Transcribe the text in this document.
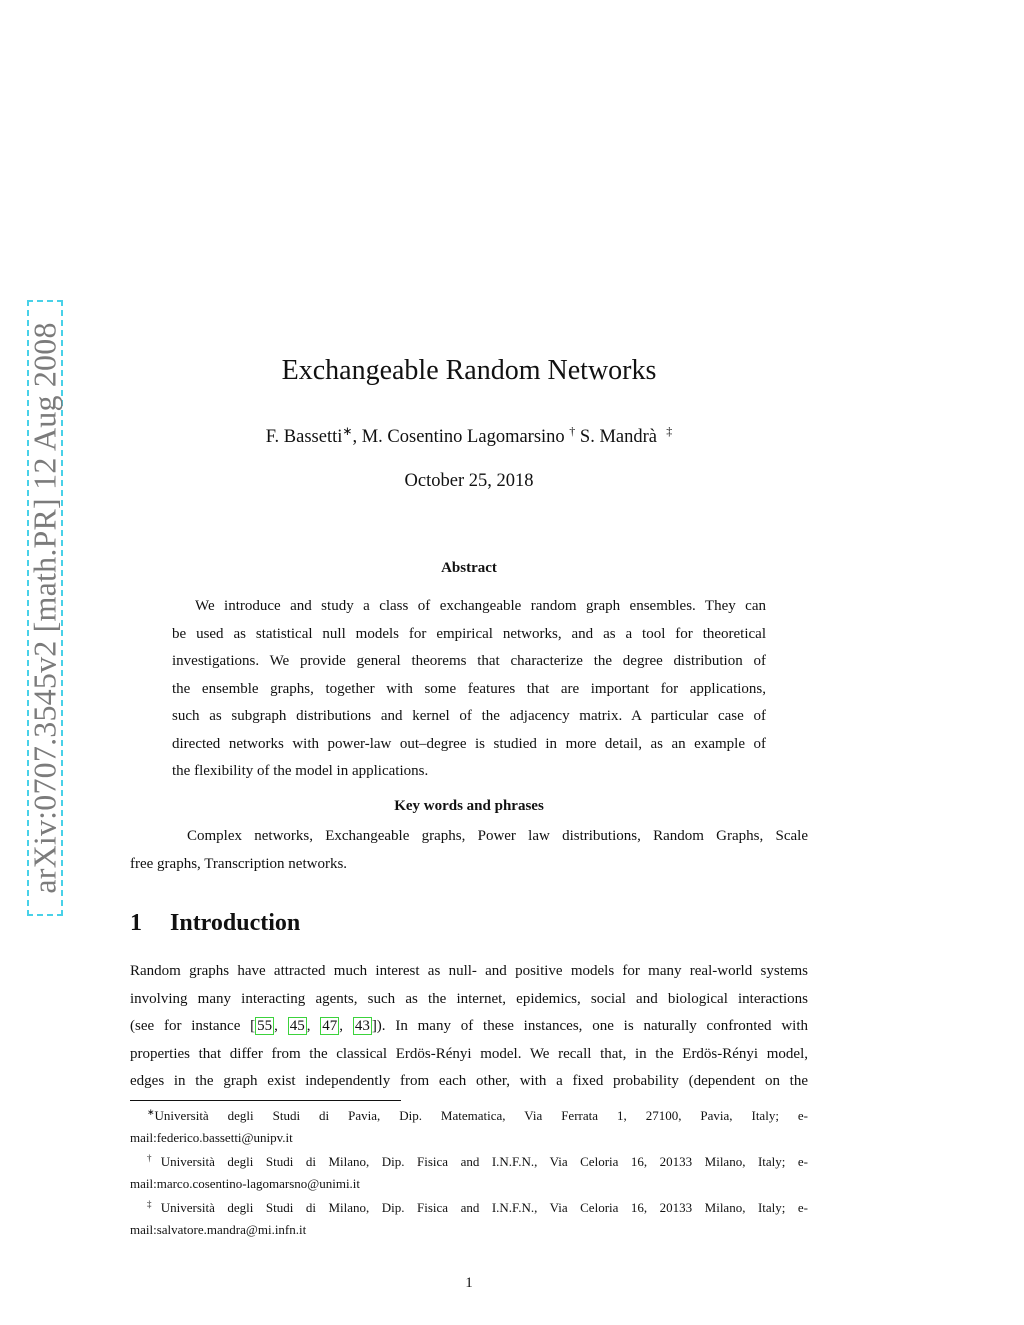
arXiv:0707.3545v2 [math.PR] 12 Aug 2008	Exchangeable Random Networks
F. Bassetti∗, M. Cosentino Lagomarsino † S. Mandrà ‡
October 25, 2018
Abstract
We introduce and study a class of exchangeable random graph ensembles. They can
be used as statistical null models for empirical networks, and as a tool for theoretical
investigations. We provide general theorems that characterize the degree distribution of
the ensemble graphs, together with some features that are important for applications,
such as subgraph distributions and kernel of the adjacency matrix. A particular case of
directed networks with power-law out–degree is studied in more detail, as an example of
the flexibility of the model in applications.
Key words and phrases
Complex networks, Exchangeable graphs, Power law distributions, Random Graphs, Scale
free graphs, Transcription networks.
1 Introduction
Random graphs have attracted much interest as null- and positive models for many real-world systems
involving many interacting agents, such as the internet, epidemics, social and biological interactions
(see for instance [ 55 , 45 , 47 , 43 ]). In many of these instances, one is naturally confronted with
properties that differ from the classical Erdös-Rényi model. We recall that, in the Erdös-Rényi model,
edges in the graph exist independently from each other, with a fixed probability (dependent on the
∗Università degli Studi di Pavia, Dip. Matematica, Via Ferrata 1, 27100, Pavia, Italy; e-
mail:federico.bassetti@unipv.it
†Università degli Studi di Milano, Dip. Fisica and I.N.F.N., Via Celoria 16, 20133 Milano, Italy; e-
mail:marco.cosentino-lagomarsno@unimi.it
‡Università degli Studi di Milano, Dip. Fisica and I.N.F.N., Via Celoria 16, 20133 Milano, Italy; e-
mail:salvatore.mandra@mi.infn.it
1
